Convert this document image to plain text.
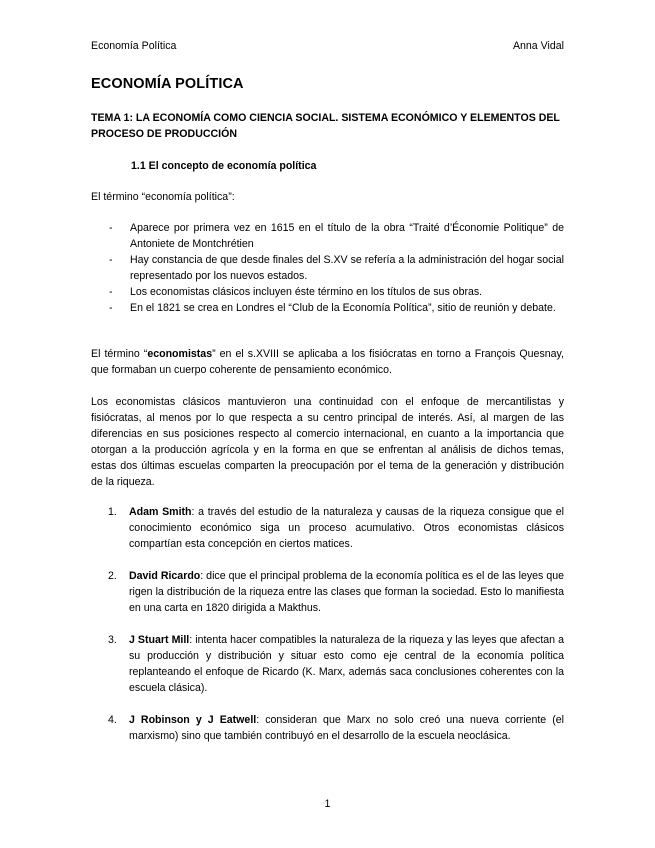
Economía Política	Anna Vidal
ECONOMÍA POLÍTICA
TEMA 1: LA ECONOMÍA COMO CIENCIA SOCIAL. SISTEMA ECONÓMICO Y ELEMENTOS DEL PROCESO DE PRODUCCIÓN
1.1 El concepto de economía política
El término “economía política”:
- Aparece por primera vez en 1615 en el título de la obra “Traité d’Économie Politique” de Antoniete de Montchrétien
- Hay constancia de que desde finales del S.XV se refería a la administración del hogar social representado por los nuevos estados.
- Los economistas clásicos incluyen éste término en los títulos de sus obras.
- En el 1821 se crea en Londres el “Club de la Economía Política”, sitio de reunión y debate.
El término “economistas” en el s.XVIII se aplicaba a los fisiócratas en torno a François Quesnay, que formaban un cuerpo coherente de pensamiento económico.
Los economistas clásicos mantuvieron una continuidad con el enfoque de mercantilistas y fisiócratas, al menos por lo que respecta a su centro principal de interés. Así, al margen de las diferencias en sus posiciones respecto al comercio internacional, en cuanto a la importancia que otorgan a la producción agrícola y en la forma en que se enfrentan al análisis de dichos temas, estas dos últimas escuelas comparten la preocupación por el tema de la generación y distribución de la riqueza.
1. Adam Smith: a través del estudio de la naturaleza y causas de la riqueza consigue que el conocimiento económico siga un proceso acumulativo. Otros economistas clásicos compartían esta concepción en ciertos matices.
2. David Ricardo: dice que el principal problema de la economía política es el de las leyes que rigen la distribución de la riqueza entre las clases que forman la sociedad. Esto lo manifiesta en una carta en 1820 dirigida a Makthus.
3. J Stuart Mill: intenta hacer compatibles la naturaleza de la riqueza y las leyes que afectan a su producción y distribución y situar esto como eje central de la economía política replanteando el enfoque de Ricardo (K. Marx, además saca conclusiones coherentes con la escuela clásica).
4. J Robinson y J Eatwell: consideran que Marx no solo creó una nueva corriente (el marxismo) sino que también contribuyó en el desarrollo de la escuela neoclásica.
1
